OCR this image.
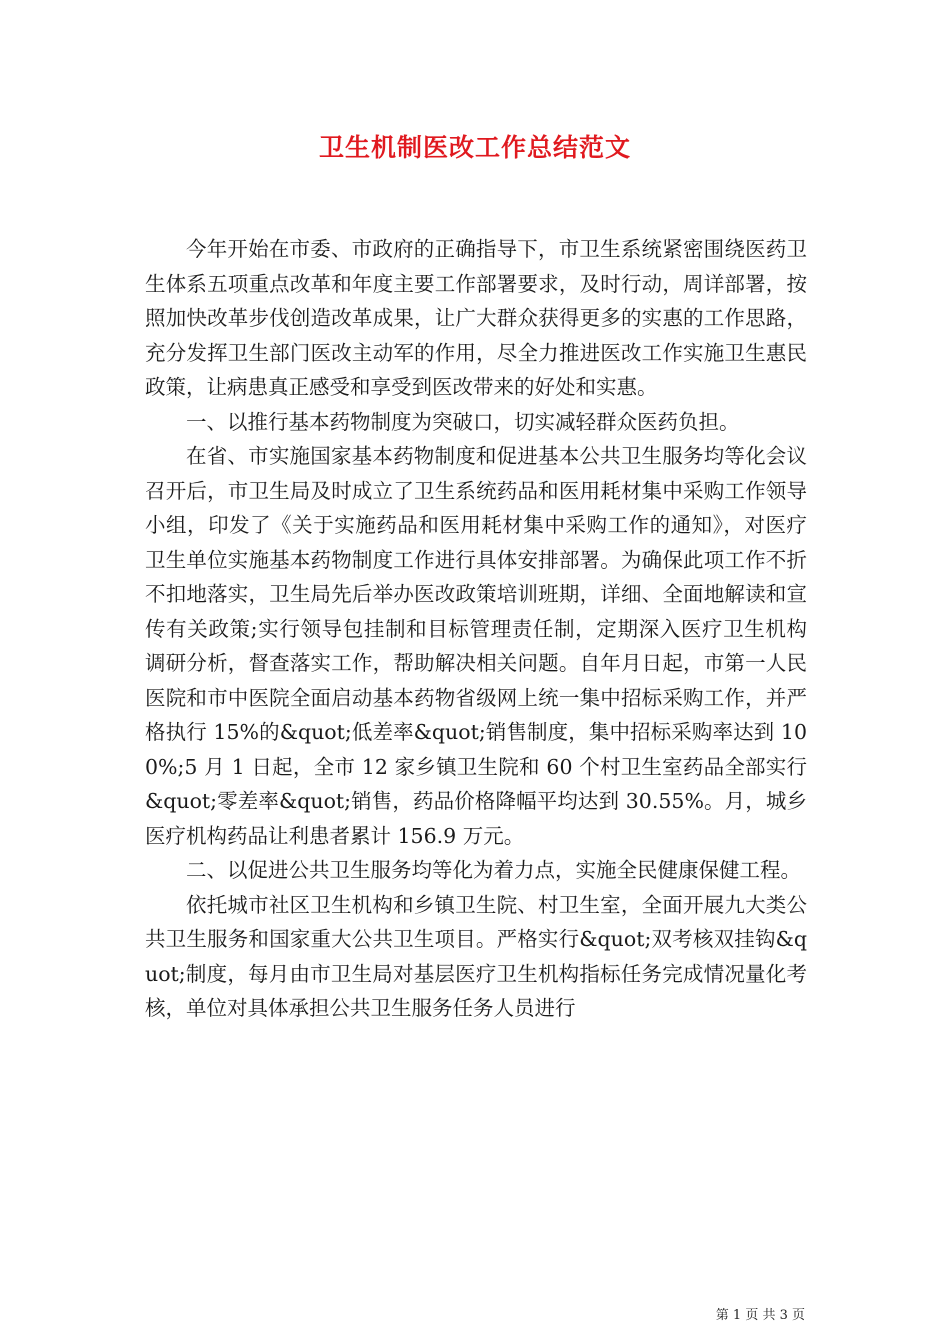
卫生机制医改工作总结范文

今年开始在市委、市政府的正确指导下，市卫生系统紧密围绕医药卫生体系五项重点改革和年度主要工作部署要求，及时行动，周详部署，按照加快改革步伐创造改革成果，让广大群众获得更多的实惠的工作思路，充分发挥卫生部门医改主动军的作用，尽全力推进医改工作实施卫生惠民政策，让病患真正感受和享受到医改带来的好处和实惠。

一、以推行基本药物制度为突破口，切实减轻群众医药负担。

在省、市实施国家基本药物制度和促进基本公共卫生服务均等化会议召开后，市卫生局及时成立了卫生系统药品和医用耗材集中采购工作领导小组，印发了《关于实施药品和医用耗材集中采购工作的通知》，对医疗卫生单位实施基本药物制度工作进行具体安排部署。为确保此项工作不折不扣地落实，卫生局先后举办医改政策培训班期，详细、全面地解读和宣传有关政策;实行领导包挂制和目标管理责任制，定期深入医疗卫生机构调研分析，督查落实工作，帮助解决相关问题。自年月日起，市第一人民医院和市中医院全面启动基本药物省级网上统一集中招标采购工作，并严格执行 15%的&quot;低差率&quot;销售制度，集中招标采购率达到 100%;5 月 1 日起，全市 12 家乡镇卫生院和 60 个村卫生室药品全部实行&quot;零差率&quot;销售，药品价格降幅平均达到 30.55%。月，城乡医疗机构药品让利患者累计 156.9 万元。

二、以促进公共卫生服务均等化为着力点，实施全民健康保健工程。

依托城市社区卫生机构和乡镇卫生院、村卫生室，全面开展九大类公共卫生服务和国家重大公共卫生项目。严格实行&quot;双考核双挂钩&quot;制度，每月由市卫生局对基层医疗卫生机构指标任务完成情况量化考核，单位对具体承担公共卫生服务任务人员进行

第 1 页 共 3 页
